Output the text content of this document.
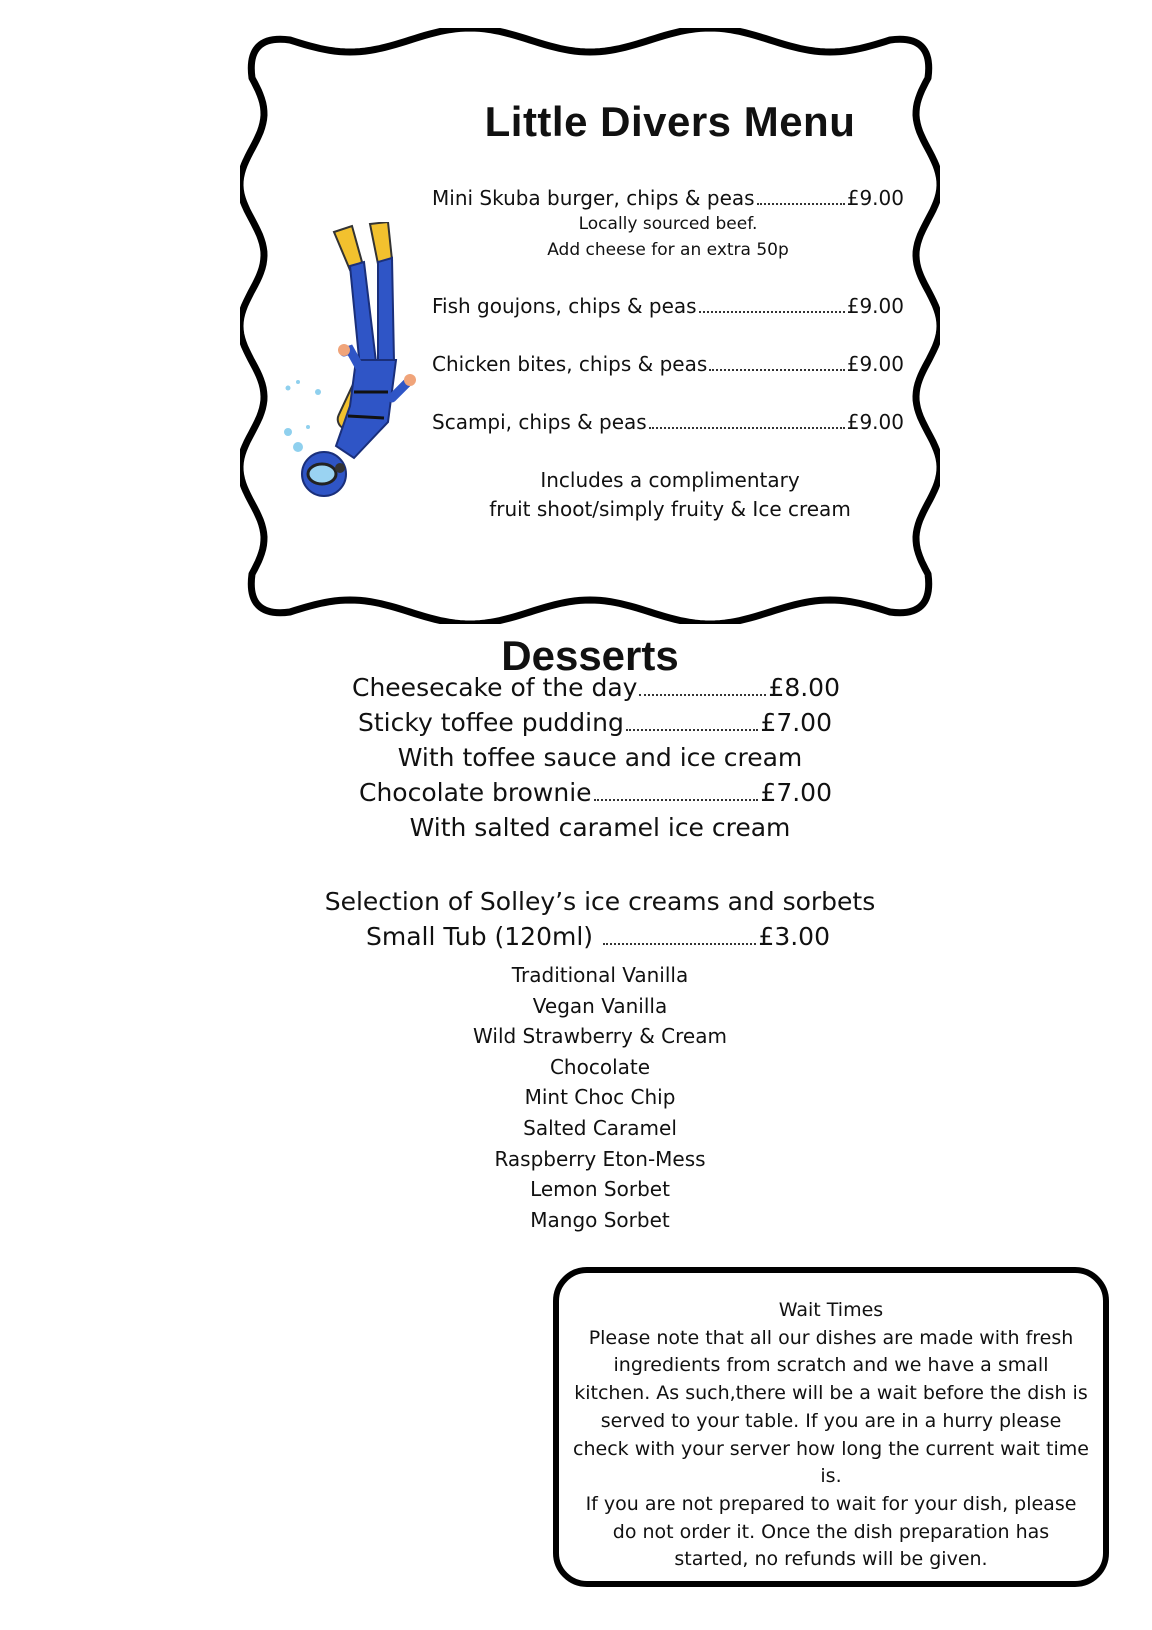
Little Divers Menu
Mini Skuba burger, chips & peas	£9.00
Locally sourced beef.
Add cheese for an extra 50p
Fish goujons, chips & peas	£9.00
Chicken bites, chips & peas	£9.00
Scampi, chips & peas	£9.00
Includes a complimentary
fruit shoot/simply fruity & Ice cream
Desserts
Cheesecake of the day	£8.00
Sticky toffee pudding	£7.00
With toffee sauce and ice cream
Chocolate brownie	£7.00
With salted caramel ice cream
Selection of Solley’s ice creams and sorbets
Small Tub (120ml)	£3.00
Traditional Vanilla
Vegan Vanilla
Wild Strawberry & Cream
Chocolate
Mint Choc Chip
Salted Caramel
Raspberry Eton-Mess
Lemon Sorbet
Mango Sorbet

Wait Times

Please note that all our dishes are made with fresh ingredients from scratch and we have a small kitchen. As such,there will be a wait before the dish is served to your table. If you are in a hurry please check with your server how long the current wait time is.

If you are not prepared to wait for your dish, please do not order it. Once the dish preparation has started, no refunds will be given.
